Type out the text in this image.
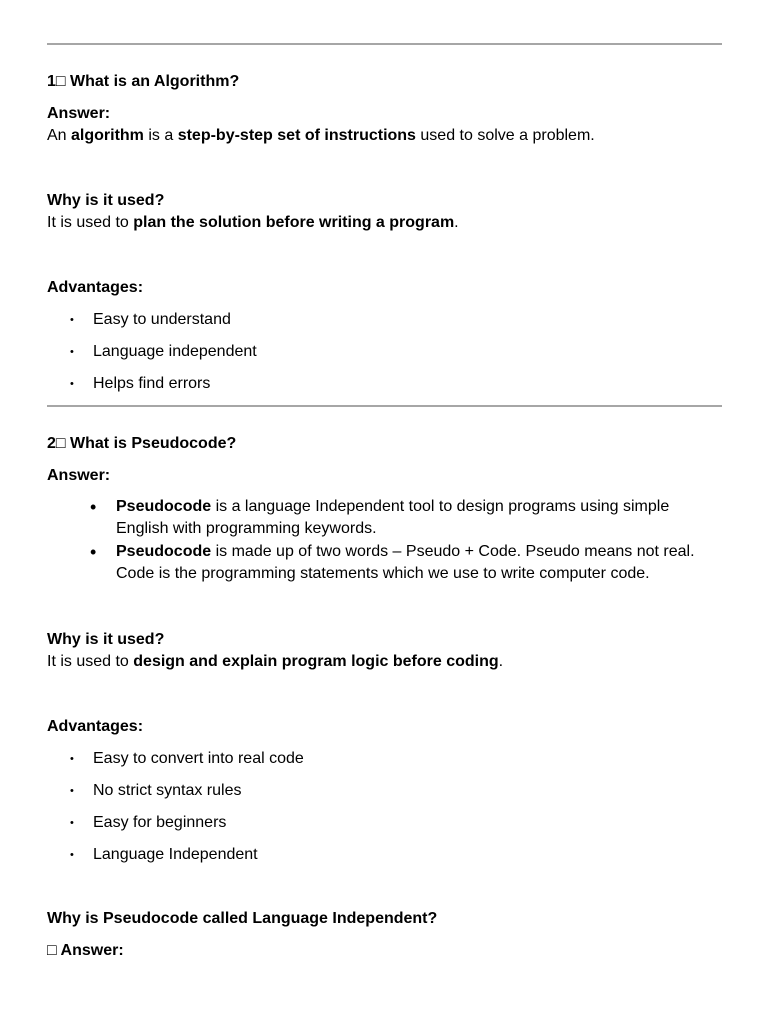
1□ What is an Algorithm?
Answer:
An algorithm is a step-by-step set of instructions used to solve a problem.
Why is it used?
It is used to plan the solution before writing a program.
Advantages:
• Easy to understand
• Language independent
• Helps find errors
2□ What is Pseudocode?
Answer:
• Pseudocode is a language Independent tool to design programs using simple English with programming keywords.
• Pseudocode is made up of two words – Pseudo + Code. Pseudo means not real. Code is the programming statements which we use to write computer code.
Why is it used?
It is used to design and explain program logic before coding.
Advantages:
• Easy to convert into real code
• No strict syntax rules
• Easy for beginners
• Language Independent
Why is Pseudocode called Language Independent?
□ Answer:
